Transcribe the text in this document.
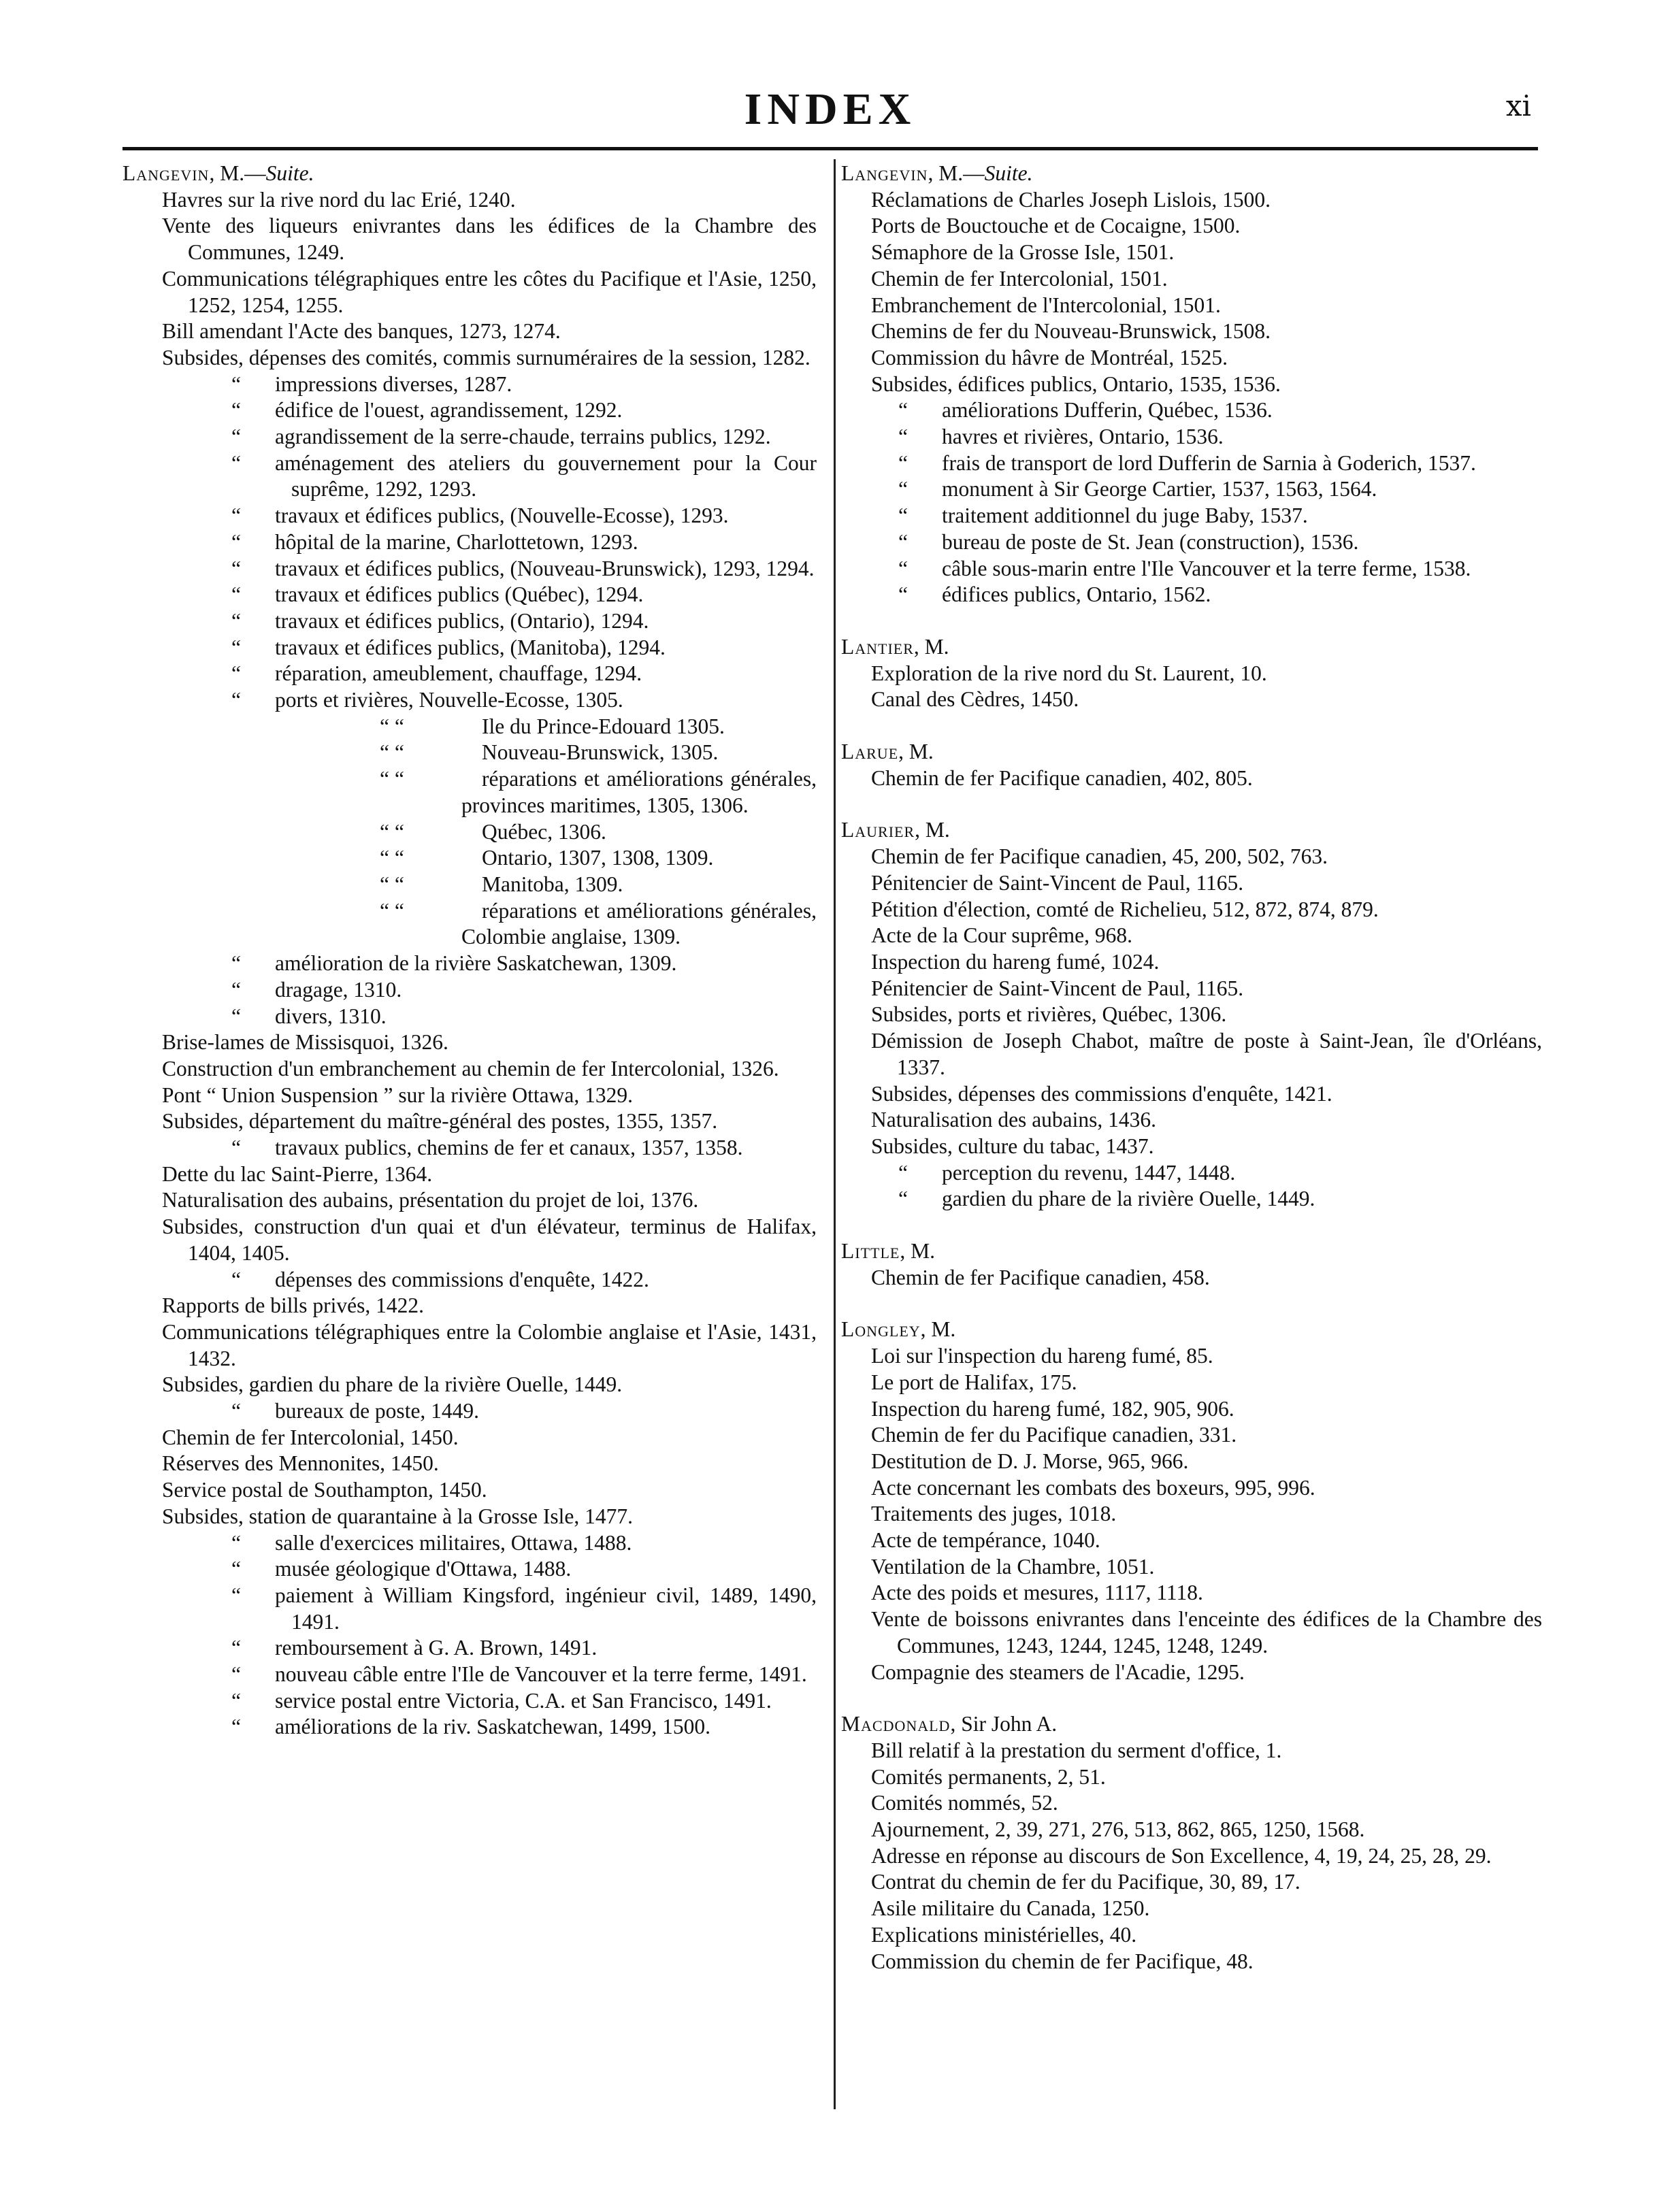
INDEX	xi
Langevin, M.—Suite.
Havres sur la rive nord du lac Erié, 1240.
Vente des liqueurs enivrantes dans les édifices de la Chambre des Communes, 1249.
Communications télégraphiques entre les côtes du Pacifique et l'Asie, 1250, 1252, 1254, 1255.
Bill amendant l'Acte des banques, 1273, 1274.
Subsides, dépenses des comités, commis surnuméraires de la session, 1282.
“ impressions diverses, 1287.
“ édifice de l'ouest, agrandissement, 1292.
“ agrandissement de la serre-chaude, terrains publics, 1292.
“ aménagement des ateliers du gouvernement pour la Cour suprême, 1292, 1293.
“ travaux et édifices publics, (Nouvelle-Ecosse), 1293.
“ hôpital de la marine, Charlottetown, 1293.
“ travaux et édifices publics, (Nouveau-Brunswick), 1293, 1294.
“ travaux et édifices publics (Québec), 1294.
“ travaux et édifices publics, (Ontario), 1294.
“ travaux et édifices publics, (Manitoba), 1294.
“ réparation, ameublement, chauffage, 1294.
“ ports et rivières, Nouvelle-Ecosse, 1305.
“ “	Ile du Prince-Edouard 1305.
“ “	Nouveau-Brunswick, 1305.
“ “	réparations et améliorations générales, provinces maritimes, 1305, 1306.
“ “	Québec, 1306.
“ “	Ontario, 1307, 1308, 1309.
“ “	Manitoba, 1309.
“ “	réparations et améliorations générales, Colombie anglaise, 1309.
“ amélioration de la rivière Saskatchewan, 1309.
“ dragage, 1310.
“ divers, 1310.
Brise-lames de Missisquoi, 1326.
Construction d'un embranchement au chemin de fer Intercolonial, 1326.
Pont “ Union Suspension ” sur la rivière Ottawa, 1329.
Subsides, département du maître-général des postes, 1355, 1357.
“ travaux publics, chemins de fer et canaux, 1357, 1358.
Dette du lac Saint-Pierre, 1364.
Naturalisation des aubains, présentation du projet de loi, 1376.
Subsides, construction d'un quai et d'un élévateur, terminus de Halifax, 1404, 1405.
“ dépenses des commissions d'enquête, 1422.
Rapports de bills privés, 1422.
Communications télégraphiques entre la Colombie anglaise et l'Asie, 1431, 1432.
Subsides, gardien du phare de la rivière Ouelle, 1449.
“ bureaux de poste, 1449.
Chemin de fer Intercolonial, 1450.
Réserves des Mennonites, 1450.
Service postal de Southampton, 1450.
Subsides, station de quarantaine à la Grosse Isle, 1477.
“ salle d'exercices militaires, Ottawa, 1488.
“ musée géologique d'Ottawa, 1488.
“ paiement à William Kingsford, ingénieur civil, 1489, 1490, 1491.
“ remboursement à G. A. Brown, 1491.
“ nouveau câble entre l'Ile de Vancouver et la terre ferme, 1491.
“ service postal entre Victoria, C.A. et San Francisco, 1491.
“ améliorations de la riv. Saskatchewan, 1499, 1500.
Langevin, M.—Suite.
Réclamations de Charles Joseph Lislois, 1500.
Ports de Bouctouche et de Cocaigne, 1500.
Sémaphore de la Grosse Isle, 1501.
Chemin de fer Intercolonial, 1501.
Embranchement de l'Intercolonial, 1501.
Chemins de fer du Nouveau-Brunswick, 1508.
Commission du hâvre de Montréal, 1525.
Subsides, édifices publics, Ontario, 1535, 1536.
“ améliorations Dufferin, Québec, 1536.
“ havres et rivières, Ontario, 1536.
“ frais de transport de lord Dufferin de Sarnia à Goderich, 1537.
“ monument à Sir George Cartier, 1537, 1563, 1564.
“ traitement additionnel du juge Baby, 1537.
“ bureau de poste de St. Jean (construction), 1536.
“ câble sous-marin entre l'Ile Vancouver et la terre ferme, 1538.
“ édifices publics, Ontario, 1562.
Lantier, M.
Exploration de la rive nord du St. Laurent, 10.
Canal des Cèdres, 1450.
Larue, M.
Chemin de fer Pacifique canadien, 402, 805.
Laurier, M.
Chemin de fer Pacifique canadien, 45, 200, 502, 763.
Pénitencier de Saint-Vincent de Paul, 1165.
Pétition d'élection, comté de Richelieu, 512, 872, 874, 879.
Acte de la Cour suprême, 968.
Inspection du hareng fumé, 1024.
Pénitencier de Saint-Vincent de Paul, 1165.
Subsides, ports et rivières, Québec, 1306.
Démission de Joseph Chabot, maître de poste à Saint-Jean, île d'Orléans, 1337.
Subsides, dépenses des commissions d'enquête, 1421.
Naturalisation des aubains, 1436.
Subsides, culture du tabac, 1437.
“ perception du revenu, 1447, 1448.
“ gardien du phare de la rivière Ouelle, 1449.
Little, M.
Chemin de fer Pacifique canadien, 458.
Longley, M.
Loi sur l'inspection du hareng fumé, 85.
Le port de Halifax, 175.
Inspection du hareng fumé, 182, 905, 906.
Chemin de fer du Pacifique canadien, 331.
Destitution de D. J. Morse, 965, 966.
Acte concernant les combats des boxeurs, 995, 996.
Traitements des juges, 1018.
Acte de tempérance, 1040.
Ventilation de la Chambre, 1051.
Acte des poids et mesures, 1117, 1118.
Vente de boissons enivrantes dans l'enceinte des édifices de la Chambre des Communes, 1243, 1244, 1245, 1248, 1249.
Compagnie des steamers de l'Acadie, 1295.
Macdonald, Sir John A.
Bill relatif à la prestation du serment d'office, 1.
Comités permanents, 2, 51.
Comités nommés, 52.
Ajournement, 2, 39, 271, 276, 513, 862, 865, 1250, 1568.
Adresse en réponse au discours de Son Excellence, 4, 19, 24, 25, 28, 29.
Contrat du chemin de fer du Pacifique, 30, 89, 17.
Asile militaire du Canada, 1250.
Explications ministérielles, 40.
Commission du chemin de fer Pacifique, 48.
